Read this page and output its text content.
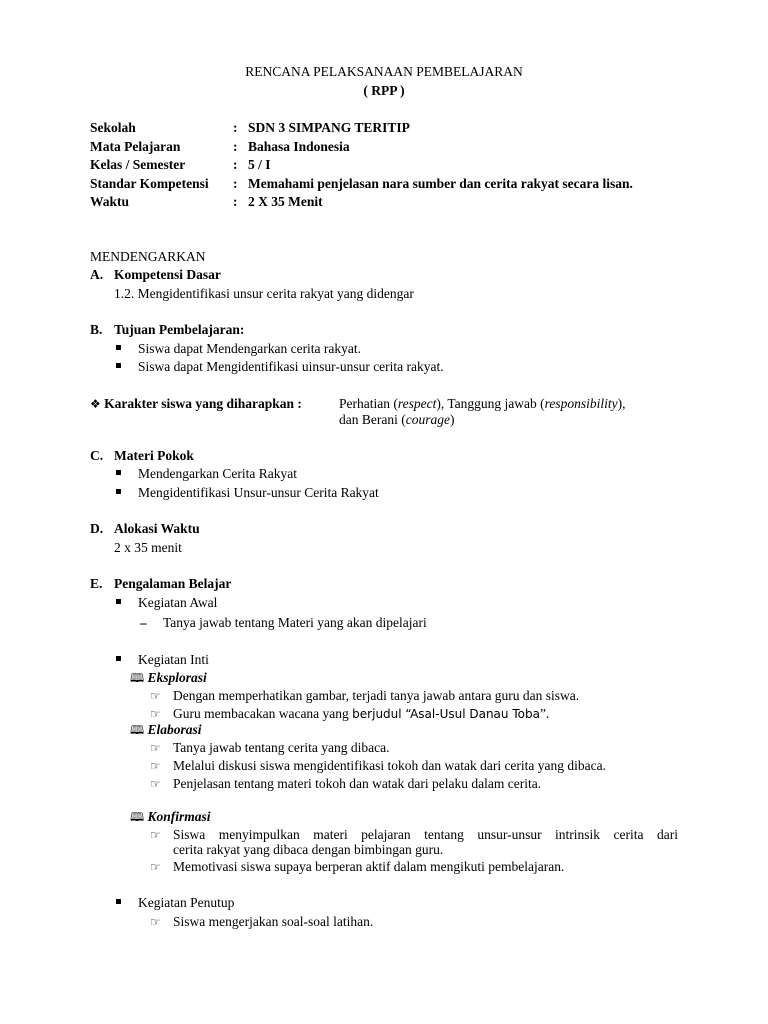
RENCANA PELAKSANAAN PEMBELAJARAN
( RPP )
Sekolah	: SDN 3 SIMPANG TERITIP
Mata Pelajaran	: Bahasa Indonesia
Kelas / Semester	: 5 / I
Standar Kompetensi : Memahami penjelasan nara sumber dan cerita rakyat secara lisan.
Waktu	: 2 X 35 Menit
MENDENGARKAN
A. Kompetensi Dasar
1.2. Mengidentifikasi unsur cerita rakyat yang didengar
B. Tujuan Pembelajaran:
Siswa dapat Mendengarkan cerita rakyat.
Siswa dapat Mengidentifikasi uinsur-unsur cerita rakyat.
❖ Karakter siswa yang diharapkan :	Perhatian (respect), Tanggung jawab (responsibility),
dan Berani (courage)
C. Materi Pokok
Mendengarkan Cerita Rakyat
Mengidentifikasi Unsur-unsur Cerita Rakyat
D. Alokasi Waktu
2 x 35 menit
E. Pengalaman Belajar
Kegiatan Awal
– Tanya jawab tentang Materi yang akan dipelajari
Kegiatan Inti
🕮 Eksplorasi
☞ Dengan memperhatikan gambar, terjadi tanya jawab antara guru dan siswa.
☞ Guru membacakan wacana yang berjudul “Asal-Usul Danau Toba”.
🕮 Elaborasi
☞ Tanya jawab tentang cerita yang dibaca.
☞ Melalui diskusi siswa mengidentifikasi tokoh dan watak dari cerita yang dibaca.
☞ Penjelasan tentang materi tokoh dan watak dari pelaku dalam cerita.
🕮 Konfirmasi
☞ Siswa menyimpulkan materi pelajaran tentang unsur-unsur intrinsik cerita dari
cerita rakyat yang dibaca dengan bimbingan guru.
☞ Memotivasi siswa supaya berperan aktif dalam mengikuti pembelajaran.
Kegiatan Penutup
☞ Siswa mengerjakan soal-soal latihan.
